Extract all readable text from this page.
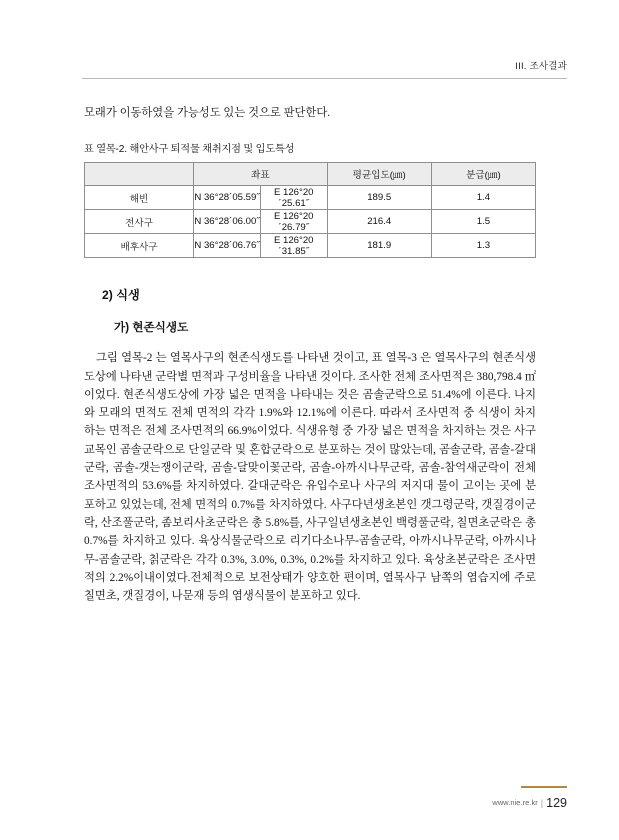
III. 조사결과

모래가 이동하였을 가능성도 있는 것으로 판단한다.

표 열목-2. 해안사구 퇴적물 채취지점 및 입도특성

	좌표		평균입도(㎛)	분급(㎛)
해빈	N 36°28´05.59˝	E 126°20´25.61˝	189.5	1.4
전사구	N 36°28´06.00˝	E 126°20´26.79˝	216.4	1.5
배후사구	N 36°28´06.76˝	E 126°20´31.85˝	181.9	1.3
2) 식생
가) 현존식생도

그림 열목-2 는 열목사구의 현존식생도를 나타낸 것이고, 표 열목-3 은 열목사구의 현존식생도상에 나타낸 군락별 면적과 구성비율을 나타낸 것이다. 조사한 전체 조사면적은 380,798.4 ㎡이었다. 현존식생도상에 가장 넓은 면적을 나타내는 것은 곰솔군락으로 51.4%에 이른다. 나지와 모래의 면적도 전체 면적의 각각 1.9%와 12.1%에 이른다. 따라서 조사면적 중 식생이 차지하는 면적은 전체 조사면적의 66.9%이었다. 식생유형 중 가장 넓은 면적을 차지하는 것은 사구교목인 곰솔군락으로 단일군락 및 혼합군락으로 분포하는 것이 많았는데, 곰솔군락, 곰솔-갈대군락, 곰솔-갯는쟁이군락, 곰솔-달맞이꽃군락, 곰솔-아까시나무군락, 곰솔-참억새군락이 전체 조사면적의 53.6%를 차지하였다. 갈대군락은 유입수로나 사구의 저지대 물이 고이는 곳에 분포하고 있었는데, 전체 면적의 0.7%를 차지하였다. 사구다년생초본인 갯그령군락, 갯질경이군락, 산조풀군락, 좀보리사초군락은 총 5.8%를, 사구일년생초본인 백령풀군락, 칠면초군락은 총 0.7%를 차지하고 있다. 육상식물군락으로 리기다소나무-곰솔군락, 아까시나무군락, 아까시나무-곰솔군락, 칡군락은 각각 0.3%, 3.0%, 0.3%, 0.2%를 차지하고 있다. 육상초본군락은 조사면적의 2.2%이내이였다.전체적으로 보전상태가 양호한 편이며, 열목사구 남쪽의 염습지에 주로 칠면초, 갯질경이, 나문재 등의 염생식물이 분포하고 있다.

www.nie.re.kr | 129
